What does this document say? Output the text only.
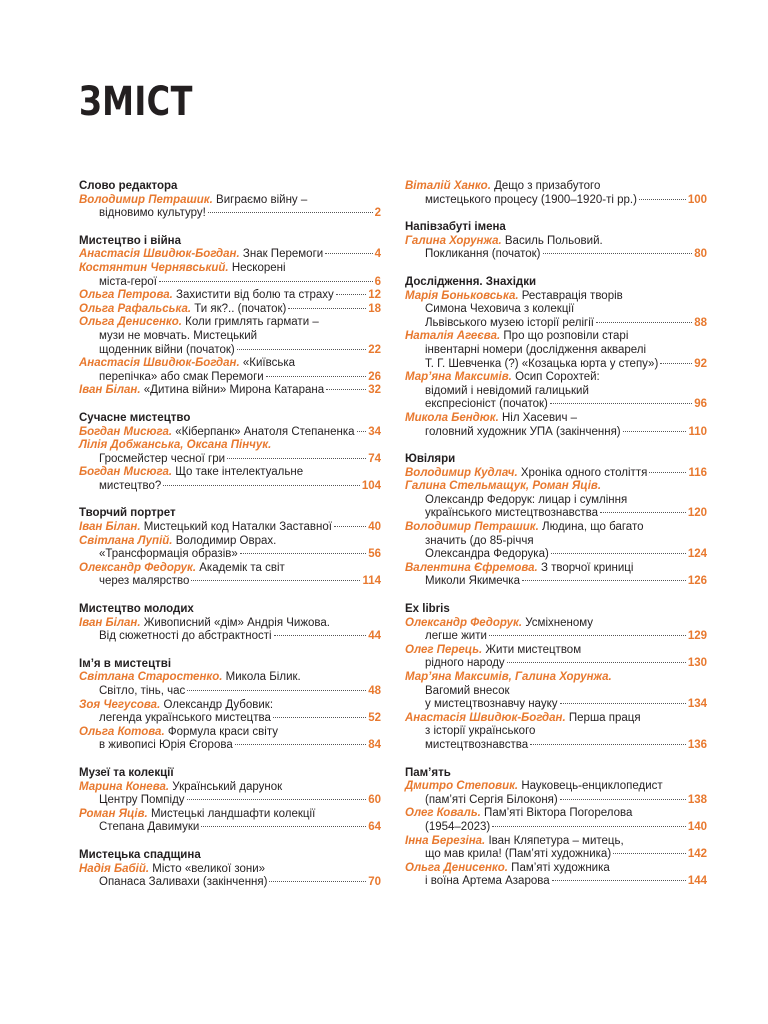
ЗМІСТ
Слово редактора
Володимир Петрашик. Виграємо війну –
відновимо культуру!	2
Мистецтво і війна
Анастасія Швидюк-Богдан. Знак Перемоги	4
Костянтин Чернявський. Нескорені
міста-герої	6
Ольга Петрова. Захистити від болю та страху	12
Ольга Рафальська. Ти як?.. (початок)	18
Ольга Денисенко. Коли гримлять гармати –
музи не мовчать. Мистецький
щоденник війни (початок)	22
Анастасія Швидюк-Богдан. «Київська
перепічка» або смак Перемоги	26
Іван Білан. «Дитина війни» Мирона Катарана	32
Сучасне мистецтво
Богдан Мисюга. «Кіберпанк» Анатоля Степаненка 34
Лілія Добжанська, Оксана Пінчук.
Гросмейстер чесної гри	74
Богдан Мисюга. Що таке інтелектуальне
мистецтво?	104
Творчий портрет
Іван Білан. Мистецький код Наталки Заставної	40
Світлана Лупій. Володимир Оврах.
«Трансформація образів»	56
Олександр Федорук. Академік та світ
через малярство	114
Мистецтво молодих
Іван Білан. Живописний «дім» Андрія Чижова.
Від сюжетності до абстрактності	44
Ім’я в мистецтві
Світлана Старостенко. Микола Білик.
Світло, тінь, час	48
Зоя Чегусова. Олександр Дубовик:
легенда українського мистецтва	52
Ольга Котова. Формула краси світу
в живописі Юрія Єгорова	84
Музеї та колекції
Марина Конева. Український дарунок
Центру Помпіду	60
Роман Яців. Мистецькі ландшафти колекції
Степана Давимуки	64
Мистецька спадщина
Надія Бабій. Місто «великої зони»
Опанаса Заливахи (закінчення)	70
Віталій Ханко. Дещо з призабутого
мистецького процесу (1900–1920-ті рр.)	100
Напівзабуті імена
Галина Хорунжа. Василь Польовий.
Покликання (початок)	80
Дослідження. Знахідки
Марія Боньковська. Реставрація творів
Симона Чеховича з колекції
Львівського музею історії релігії	88
Наталія Агеєва. Про що розповіли старі
інвентарні номери (дослідження акварелі
Т. Г. Шевченка (?) «Козацька юрта у степу»)	92
Мар’яна Максимів. Осип Сорохтей:
відомий і невідомий галицький
експресіоніст (початок)	96
Микола Бендюк. Ніл Хасевич –
головний художник УПА (закінчення)	110
Ювіляри
Володимир Кудлач. Хроніка одного століття	116
Галина Стельмащук, Роман Яців.
Олександр Федорук: лицар і сумління
українського мистецтвознавства	120
Володимир Петрашик. Людина, що багато
значить (до 85-річчя
Олександра Федорука)	124
Валентина Єфремова. З творчої криниці
Миколи Якимечка	126
Ex libris
Олександр Федорук. Усміхненому
легше жити	129
Олег Перець. Жити мистецтвом
рідного народу	130
Мар’яна Максимів, Галина Хорунжа.
Вагомий внесок
у мистецтвознавчу науку	134
Анастасія Швидюк-Богдан. Перша праця
з історії українського
мистецтвознавства	136
Пам’ять
Дмитро Степовик. Науковець-енциклопедист
(пам’яті Сергія Білоконя)	138
Олег Коваль. Пам’яті Віктора Погорелова
(1954–2023)	140
Інна Березіна. Іван Кляпетура – митець,
що мав крила! (Пам’яті художника)	142
Ольга Денисенко. Пам’яті художника
і воїна Артема Азарова	144
